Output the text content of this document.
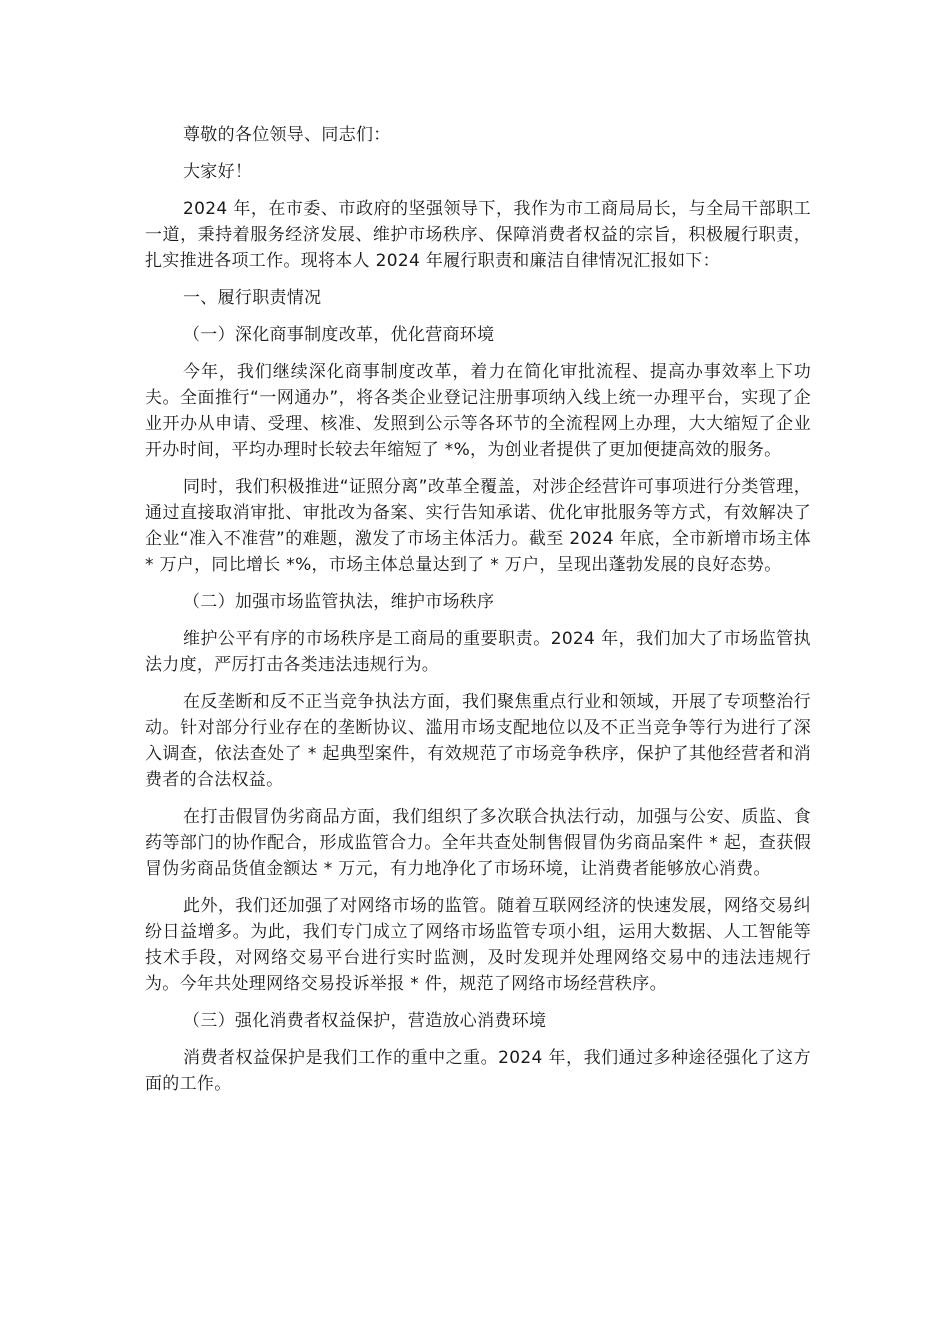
尊敬的各位领导、同志们：

大家好！

2024 年，在市委、市政府的坚强领导下，我作为市工商局局长，与全局干部职工一道，秉持着服务经济发展、维护市场秩序、保障消费者权益的宗旨，积极履行职责，扎实推进各项工作。现将本人 2024 年履行职责和廉洁自律情况汇报如下：

一、履行职责情况

（一）深化商事制度改革，优化营商环境

今年，我们继续深化商事制度改革，着力在简化审批流程、提高办事效率上下功夫。全面推行“一网通办”，将各类企业登记注册事项纳入线上统一办理平台，实现了企业开办从申请、受理、核准、发照到公示等各环节的全流程网上办理，大大缩短了企业开办时间，平均办理时长较去年缩短了 *%，为创业者提供了更加便捷高效的服务。

同时，我们积极推进“证照分离”改革全覆盖，对涉企经营许可事项进行分类管理，通过直接取消审批、审批改为备案、实行告知承诺、优化审批服务等方式，有效解决了企业“准入不准营”的难题，激发了市场主体活力。截至 2024 年底，全市新增市场主体 * 万户，同比增长 *%，市场主体总量达到了 * 万户，呈现出蓬勃发展的良好态势。

（二）加强市场监管执法，维护市场秩序

维护公平有序的市场秩序是工商局的重要职责。2024 年，我们加大了市场监管执法力度，严厉打击各类违法违规行为。

在反垄断和反不正当竞争执法方面，我们聚焦重点行业和领域，开展了专项整治行动。针对部分行业存在的垄断协议、滥用市场支配地位以及不正当竞争等行为进行了深入调查，依法查处了 * 起典型案件，有效规范了市场竞争秩序，保护了其他经营者和消费者的合法权益。

在打击假冒伪劣商品方面，我们组织了多次联合执法行动，加强与公安、质监、食药等部门的协作配合，形成监管合力。全年共查处制售假冒伪劣商品案件 * 起，查获假冒伪劣商品货值金额达 * 万元，有力地净化了市场环境，让消费者能够放心消费。

此外，我们还加强了对网络市场的监管。随着互联网经济的快速发展，网络交易纠纷日益增多。为此，我们专门成立了网络市场监管专项小组，运用大数据、人工智能等技术手段，对网络交易平台进行实时监测，及时发现并处理网络交易中的违法违规行为。今年共处理网络交易投诉举报 * 件，规范了网络市场经营秩序。

（三）强化消费者权益保护，营造放心消费环境

消费者权益保护是我们工作的重中之重。2024 年，我们通过多种途径强化了这方面的工作。
